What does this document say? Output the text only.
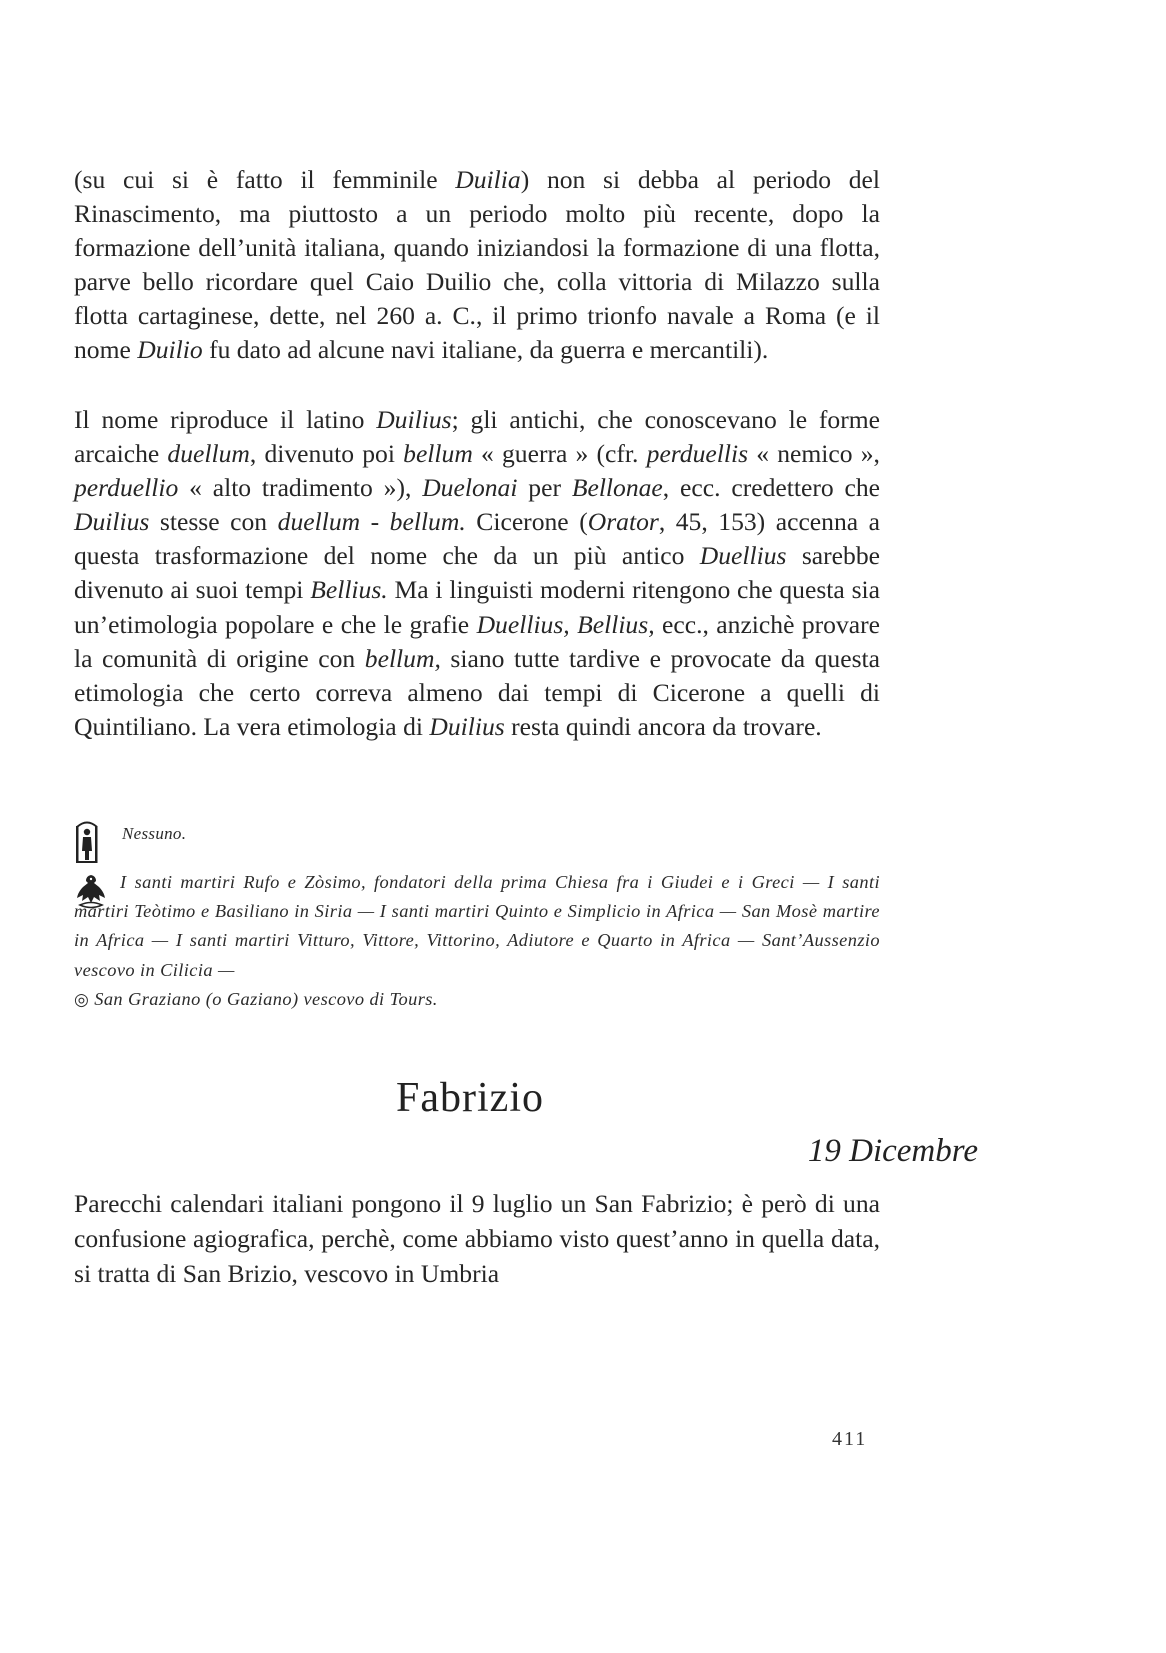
(su cui si è fatto il femminile Duilia) non si debba al periodo del Rinascimento, ma piuttosto a un periodo molto più recente, dopo la formazione dell’unità italiana, quando iniziandosi la formazione di una flotta, parve bello ricordare quel Caio Duilio che, colla vittoria di Milazzo sulla flotta cartaginese, dette, nel 260 a. C., il primo trionfo navale a Roma (e il nome Duilio fu dato ad alcune navi italiane, da guerra e mercantili).
Il nome riproduce il latino Duilius; gli antichi, che conoscevano le forme arcaiche duellum, divenuto poi bellum « guerra » (cfr. perduellis « nemico », perduellio « alto tradimento »), Duelonai per Bellonae, ecc. credettero che Duilius stesse con duellum - bellum. Cicerone (Orator, 45, 153) accenna a questa trasformazione del nome che da un più antico Duellius sarebbe divenuto ai suoi tempi Bellius. Ma i linguisti moderni ritengono che questa sia un’etimologia popolare e che le grafie Duellius, Bellius, ecc., anzichè provare la comunità di origine con bellum, siano tutte tardive e provocate da questa etimologia che certo correva almeno dai tempi di Cicerone a quelli di Quintiliano. La vera etimologia di Duilius resta quindi ancora da trovare.
Nessuno.
I santi martiri Rufo e Zòsimo, fondatori della prima Chiesa fra i Giudei e i Greci — I santi martiri Teòtimo e Basiliano in Siria — I santi martiri Quinto e Simplicio in Africa — San Mosè martire in Africa — I santi martiri Vitturo, Vittore, Vittorino, Adiutore e Quarto in Africa — Sant’Aussenzio vescovo in Cilicia —
◎ San Graziano (o Gaziano) vescovo di Tours.
Fabrizio
19 Dicembre
Parecchi calendari italiani pongono il 9 luglio un San Fabrizio; è però di una confusione agiografica, perchè, come abbiamo visto quest’anno in quella data, si tratta di San Brizio, vescovo in Umbria
411
